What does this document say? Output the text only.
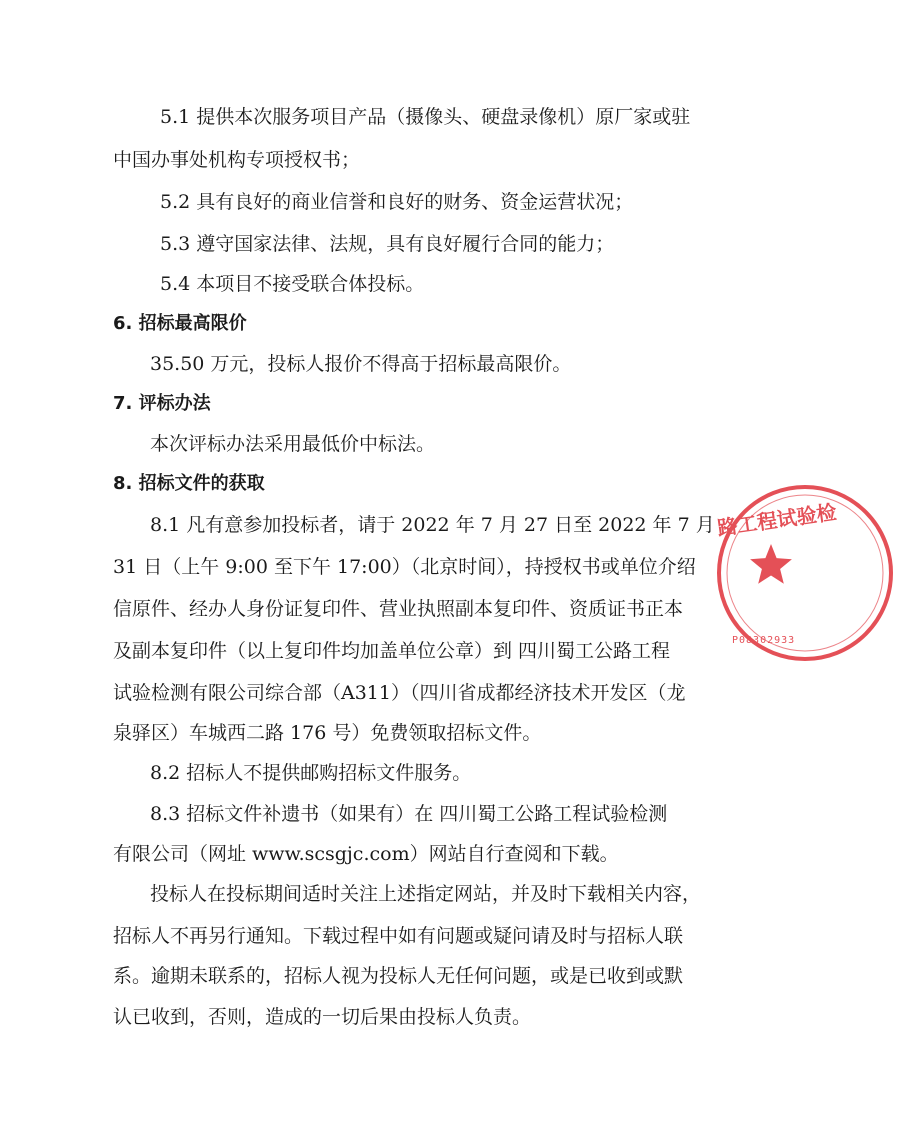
5.1 提供本次服务项目产品（摄像头、硬盘录像机）原厂家或驻
中国办事处机构专项授权书；
5.2 具有良好的商业信誉和良好的财务、资金运营状况；
5.3 遵守国家法律、法规，具有良好履行合同的能力；
5.4 本项目不接受联合体投标。
6. 招标最高限价
35.50 万元，投标人报价不得高于招标最高限价。
7. 评标办法
本次评标办法采用最低价中标法。
8. 招标文件的获取
8.1 凡有意参加投标者，请于 2022 年 7 月 27 日至 2022 年 7 月
31 日（上午 9:00 至下午 17:00）（北京时间），持授权书或单位介绍
信原件、经办人身份证复印件、营业执照副本复印件、资质证书正本
及副本复印件（以上复印件均加盖单位公章）到 四川蜀工公路工程
试验检测有限公司综合部（A311）（四川省成都经济技术开发区（龙
泉驿区）车城西二路 176 号）免费领取招标文件。
8.2 招标人不提供邮购招标文件服务。
8.3 招标文件补遗书（如果有）在 四川蜀工公路工程试验检测
有限公司（网址 www.scsgjc.com）网站自行查阅和下载。
投标人在投标期间适时关注上述指定网站，并及时下载相关内容，
招标人不再另行通知。下载过程中如有问题或疑问请及时与招标人联
系。逾期未联系的，招标人视为投标人无任何问题，或是已收到或默
认已收到，否则，造成的一切后果由投标人负责。
路工程试验检
P08302933
